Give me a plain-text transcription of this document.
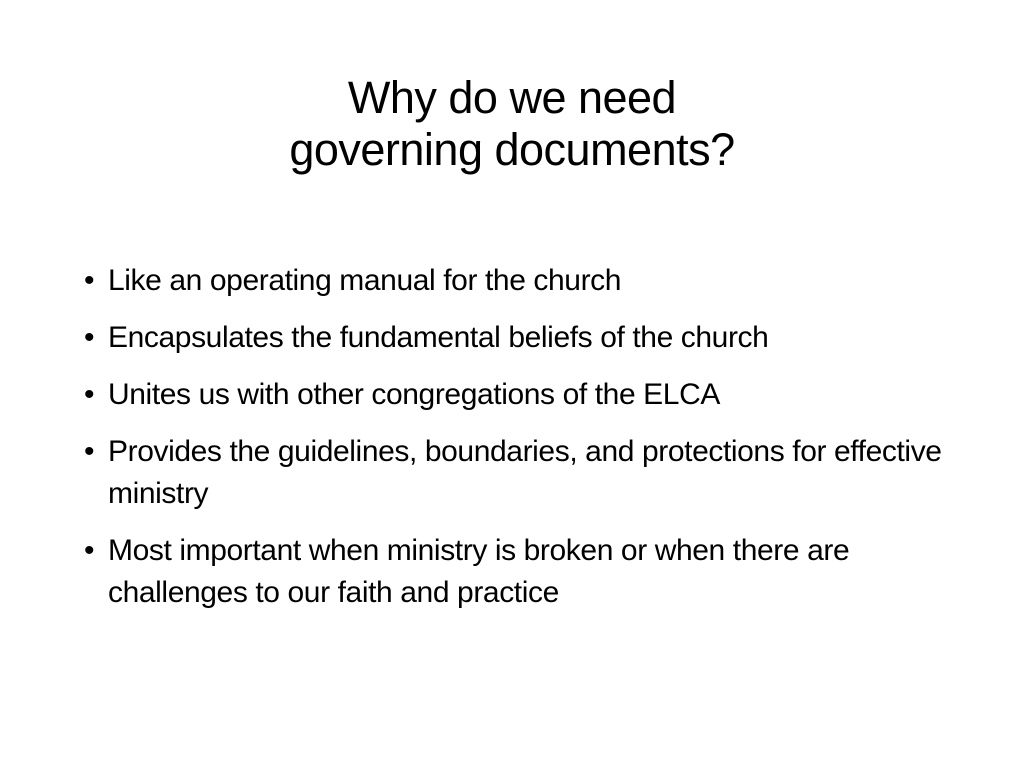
Why do we need
governing documents?
• Like an operating manual for the church
• Encapsulates the fundamental beliefs of the church
• Unites us with other congregations of the ELCA
• Provides the guidelines, boundaries, and protections for effective ministry
• Most important when ministry is broken or when there are challenges to our faith and practice
